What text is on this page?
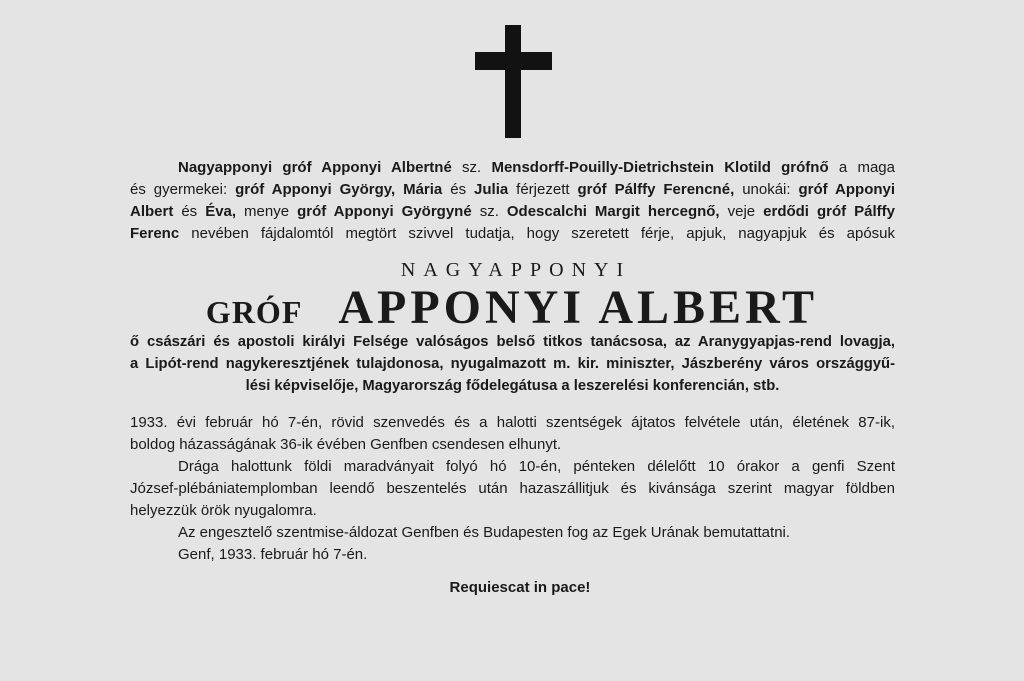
Nagyapponyi gróf Apponyi Albertné sz. Mensdorff-Pouilly-Dietrichstein Klotild grófnő a maga
és gyermekei: gróf Apponyi György, Mária és Julia férjezett gróf Pálffy Ferencné, unokái: gróf Apponyi
Albert és Éva, menye gróf Apponyi Györgyné sz. Odescalchi Margit hercegnő, veje erdődi gróf Pálffy
Ferenc nevében fájdalomtól megtört szivvel tudatja, hogy szeretett férje, apjuk, nagyapjuk és apósuk
NAGYAPPONYI
GRÓF APPONYI ALBERT
ő császári és apostoli királyi Felsége valóságos belső titkos tanácsosa, az Aranygyapjas-rend lovagja,
a Lipót-rend nagykeresztjének tulajdonosa, nyugalmazott m. kir. miniszter, Jászberény város országgyű-
lési képviselője, Magyarország fődelegátusa a leszerelési konferencián, stb.
1933. évi február hó 7-én, rövid szenvedés és a halotti szentségek ájtatos felvétele után, életének 87-ik,
boldog házasságának 36-ik évében Genfben csendesen elhunyt.
Drága halottunk földi maradványait folyó hó 10-én, pénteken délelőtt 10 órakor a genfi Szent
József-plébániatemplomban leendő beszentelés után hazaszállitjuk és kivánsága szerint magyar földben
helyezzük örök nyugalomra.
Az engesztelő szentmise-áldozat Genfben és Budapesten fog az Egek Urának bemutattatni.
Genf, 1933. február hó 7-én.
Requiescat in pace!
